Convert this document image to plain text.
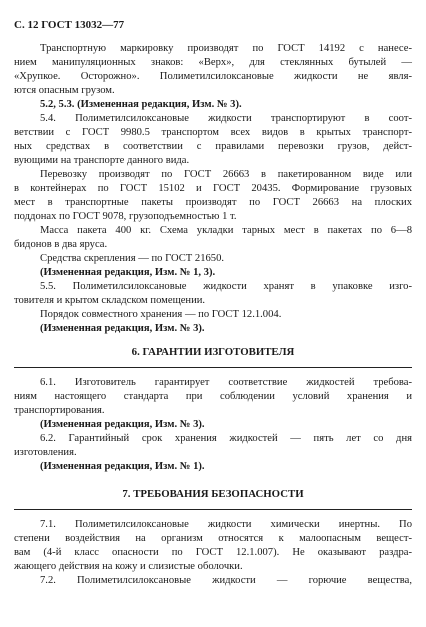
С. 12 ГОСТ 13032—77
Транспортную маркировку производят по ГОСТ 14192 с нанесе-
нием манипуляционных знаков: «Верх», для стеклянных бутылей —
«Хрупкое. Осторожно». Полиметилсилоксановые жидкости не явля-
ются опасным грузом.
5.2, 5.3. (Измененная редакция, Изм. № 3).
5.4. Полиметилсилоксановые жидкости транспортируют в соот-
ветствии с ГОСТ 9980.5 транспортом всех видов в крытых транспорт-
ных средствах в соответствии с правилами перевозки грузов, дейст-
вующими на транспорте данного вида.
Перевозку производят по ГОСТ 26663 в пакетированном виде или
в контейнерах по ГОСТ 15102 и ГОСТ 20435. Формирование грузовых
мест в транспортные пакеты производят по ГОСТ 26663 на плоских
поддонах по ГОСТ 9078, грузоподъемностью 1 т.
Масса пакета 400 кг. Схема укладки тарных мест в пакетах по 6—8
бидонов в два яруса.
Средства скрепления — по ГОСТ 21650.
(Измененная редакция, Изм. № 1, 3).
5.5. Полиметилсилоксановые жидкости хранят в упаковке изго-
товителя и крытом складском помещении.
Порядок совместного хранения — по ГОСТ 12.1.004.
(Измененная редакция, Изм. № 3).
6. ГАРАНТИИ ИЗГОТОВИТЕЛЯ
6.1. Изготовитель гарантирует соответствие жидкостей требова-
ниям настоящего стандарта при соблюдении условий хранения и
транспортирования.
(Измененная редакция, Изм. № 3).
6.2. Гарантийный срок хранения жидкостей — пять лет со дня
изготовления.
(Измененная редакция, Изм. № 1).
7. ТРЕБОВАНИЯ БЕЗОПАСНОСТИ
7.1. Полиметилсилоксановые жидкости химически инертны. По
степени воздействия на организм относятся к малоопасным вещест-
вам (4-й класс опасности по ГОСТ 12.1.007). Не оказывают раздра-
жающего действия на кожу и слизистые оболочки.
7.2. Полиметилсилоксановые жидкости — горючие вещества,
